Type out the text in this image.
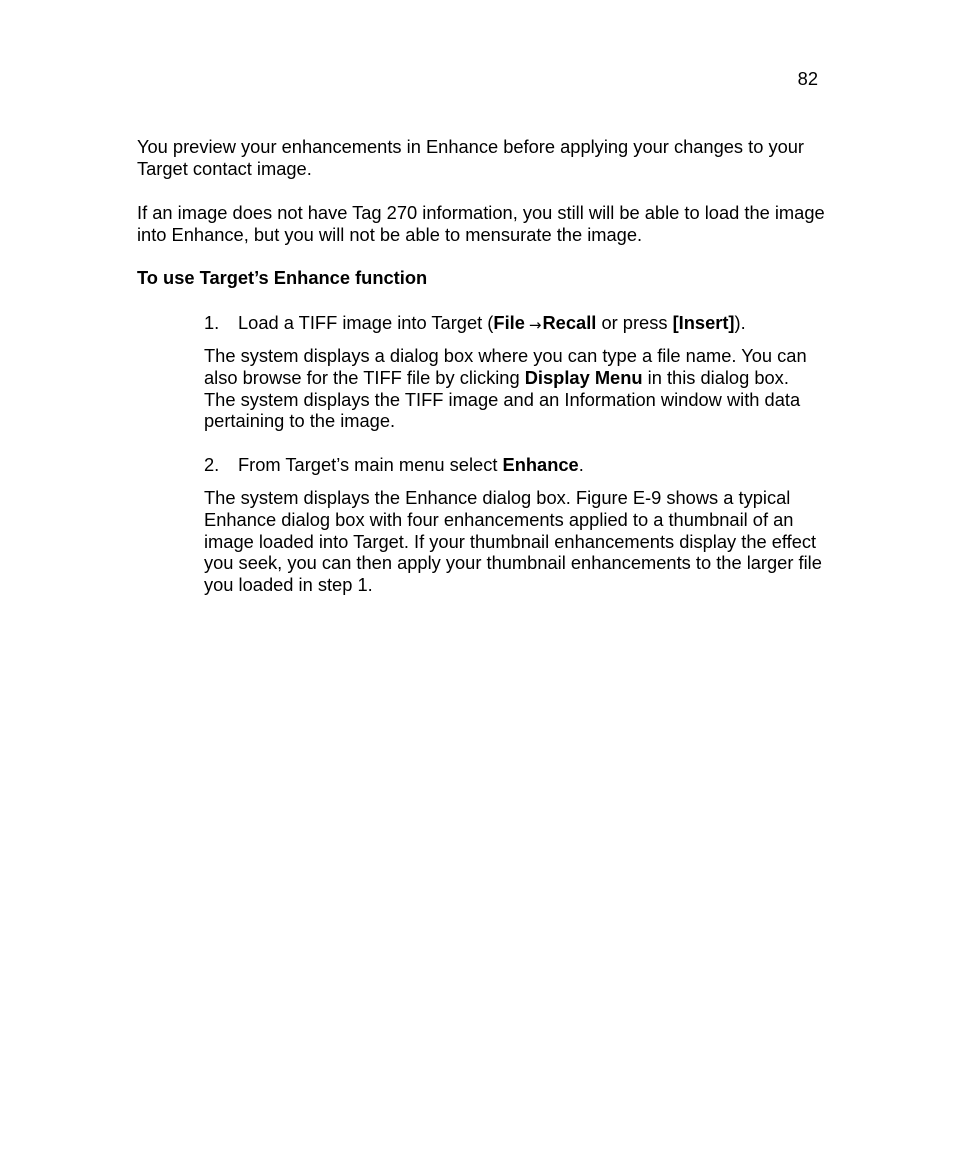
82

You preview your enhancements in Enhance before applying your changes to your Target contact image.

If an image does not have Tag 270 information, you still will be able to load the image into Enhance, but you will not be able to mensurate the image.

To use Target’s Enhance function

1. Load a TIFF image into Target (File →Recall or press [Insert]).

The system displays a dialog box where you can type a file name. You can also browse for the TIFF file by clicking Display Menu in this dialog box. The system displays the TIFF image and an Information window with data pertaining to the image.

2. From Target’s main menu select Enhance.

The system displays the Enhance dialog box. Figure E-9 shows a typical Enhance dialog box with four enhancements applied to a thumbnail of an image loaded into Target. If your thumbnail enhancements display the effect you seek, you can then apply your thumbnail enhancements to the larger file you loaded in step 1.
